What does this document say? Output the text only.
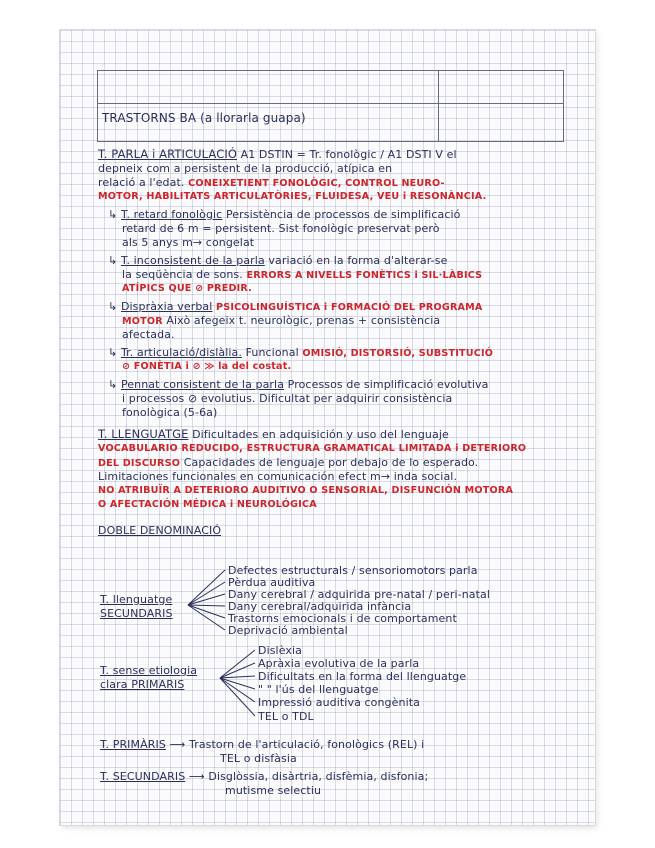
TRASTORNS BA (a llorarla guapa)
T. PARLA i ARTICULACIÓ A1 DSTIN = Tr. fonològic / A1 DSTI V el
depneix com a persistent de la producció, atípica en
relació a l'edat. CONEIXETIENT FONOLÒGIC, CONTROL NEURO-
MOTOR, HABILITATS ARTICULATÒRIES, FLUIDESA, VEU i RESONÀNCIA.
↳ T. retard fonològic Persistència de processos de simplificació
retard de 6 m = persistent. Sist fonològic preservat però
als 5 anys m→ congelat
↳ T. inconsistent de la parla variació en la forma d'alterar-se
la seqüència de sons. ERRORS A NIVELLS FONÈTICS i SIL·LÀBICS
ATÍPICS QUE ⊘ PREDIR.
↳ Dispràxia verbal PSICOLINGUÍSTICA i FORMACIÓ DEL PROGRAMA
MOTOR Això afegeix t. neurològic, prenas + consistència
afectada.
↳ Tr. articulació/dislàlia. Funcional OMISIÓ, DISTORSIÓ, SUBSTITUCIÓ
⊘ FONÈTIA i ⊘ ≫ la del costat.
↳ Pennat consistent de la parla Processos de simplificació evolutiva
i processos ⊘ evolutius. Dificultat per adquirir consistència
fonològica (5-6a)
T. LLENGUATGE Dificultades en adquisición y uso del lenguaje
VOCABULARIO REDUCIDO, ESTRUCTURA GRAMATICAL LIMITADA i DETERIORO
DEL DISCURSO Capacidades de lenguaje por debajo de lo esperado.
Limitaciones funcionales en comunicación efect m→ inda social.
NO ATRIBUÏR A DETERIORO AUDITIVO O SENSORIAL, DISFUNCIÓN MOTORA
O AFECTACIÓN MÉDICA i NEUROLÓGICA
DOBLE DENOMINACIÓ
T. llenguatge
SECUNDARIS
Defectes estructurals / sensoriomotors parla
Pèrdua auditiva
Dany cerebral / adquirida pre-natal / peri-natal
Dany cerebral/adquirida infància
Trastorns emocionals i de comportament
Deprivació ambiental
T. sense etiologia
clara PRIMARIS
Dislèxia
Apràxia evolutiva de la parla
Dificultats en la forma del llenguatge
" " l'ús del llenguatge
Impressió auditiva congènita
TEL o TDL
T. PRIMÀRIS ⟶ Trastorn de l'articulació, fonològics (REL) i
TEL o disfàsia
T. SECUNDARIS ⟶ Disglòssia, disàrtria, disfèmia, disfonia;
mutisme selectiu
